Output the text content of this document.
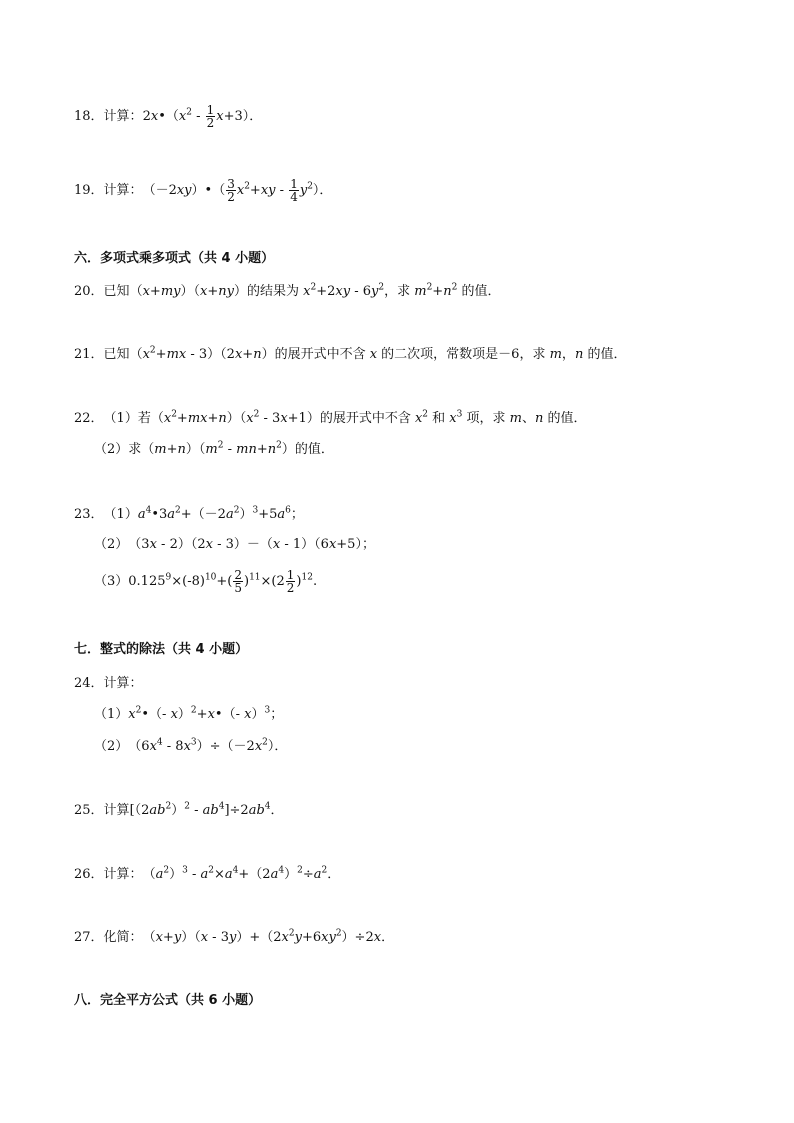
18． 计算： $2x•(x^2 - \frac{1}{2} x+3)$．
19． 计算： （－2xy）•（ $\frac{3}{2} x^2+xy - \frac{1}{4} y^2$）．
六．多项式乘多项式（共 4 小题）
20． 已知 （x+my）（x+ny）的结果为 $x^2+2xy - 6y^2$，求 $m^2+n^2$ 的值．
21． 已知 $(x^2+mx - 3)(2x+n)$的展开式中不含 x 的二次项，常数项是－6，求 m，n 的值．
22． （1）若 $(x^2+mx+n)(x^2 - 3x+1)$的展开式中不含 $x^2$ 和 $x^3$ 项，求 m、n 的值．
（2）求 $(m+n)(m^2 - mn+n^2)$的值．
23． （1） $a^4•3a^2+(-2a^2)^3+5a^6$；
（2） （3x - 2）（2x - 3）－（x - 1）（6x+5）；
（3） $0.125^9\times(-8)^{10}+( \frac{2}{5} )^{11}\times(2 \frac{1}{2} )^{12}$.
七．整式的除法（共 4 小题）
24． 计算：
（1） $x^2•(-$ x）$^2$+x•（- x）$^3$；
（2） $(6x^4 - 8x^3)\div(-2x^2)$．
25． 计算 $[(2ab^2)^2 - ab^4]\div 2ab^4$．
26． 计算： $(a^2)^3 - a^2\times a^4+(2a^4)^2\div a^2$．
27． 化简： $(x+y)(x - 3y)+(2x^2y+6xy^2)\div 2x$．
八．完全平方公式（共 6 小题）
